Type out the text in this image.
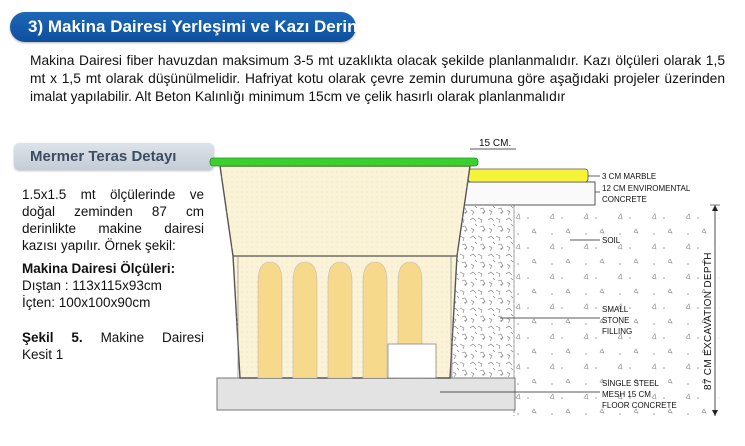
3) Makina Dairesi Yerleşimi ve Kazı Derinliği
Makina Dairesi fiber havuzdan maksimum 3-5 mt uzaklıkta olacak şekilde planlanmalıdır. Kazı ölçüleri olarak 1,5 mt x 1,5 mt olarak düşünülmelidir. Hafriyat kotu olarak çevre zemin durumuna göre aşağıdaki projeler üzerinden imalat yapılabilir. Alt Beton Kalınlığı minimum 15cm ve çelik hasırlı olarak planlanmalıdır
Mermer Teras Detayı
1.5x1.5 mt ölçülerinde ve doğal zeminden 87 cm derinlikte makine dairesi kazısı yapılır. Örnek şekil:
Makina Dairesi Ölçüleri:
Dıştan : 113x115x93cm
İçten: 100x100x90cm
Şekil 5. Makine Dairesi
Kesit 1
15 CM.
3 CM MARBLE
12 CM ENVIROMENTAL
CONCRETE
SOIL
SMALL
STONE
FILLING
SİNGLE STEEL
MESH 15 CM
FLOOR CONCRETE
87 CM EXCAVATION DEPTH
